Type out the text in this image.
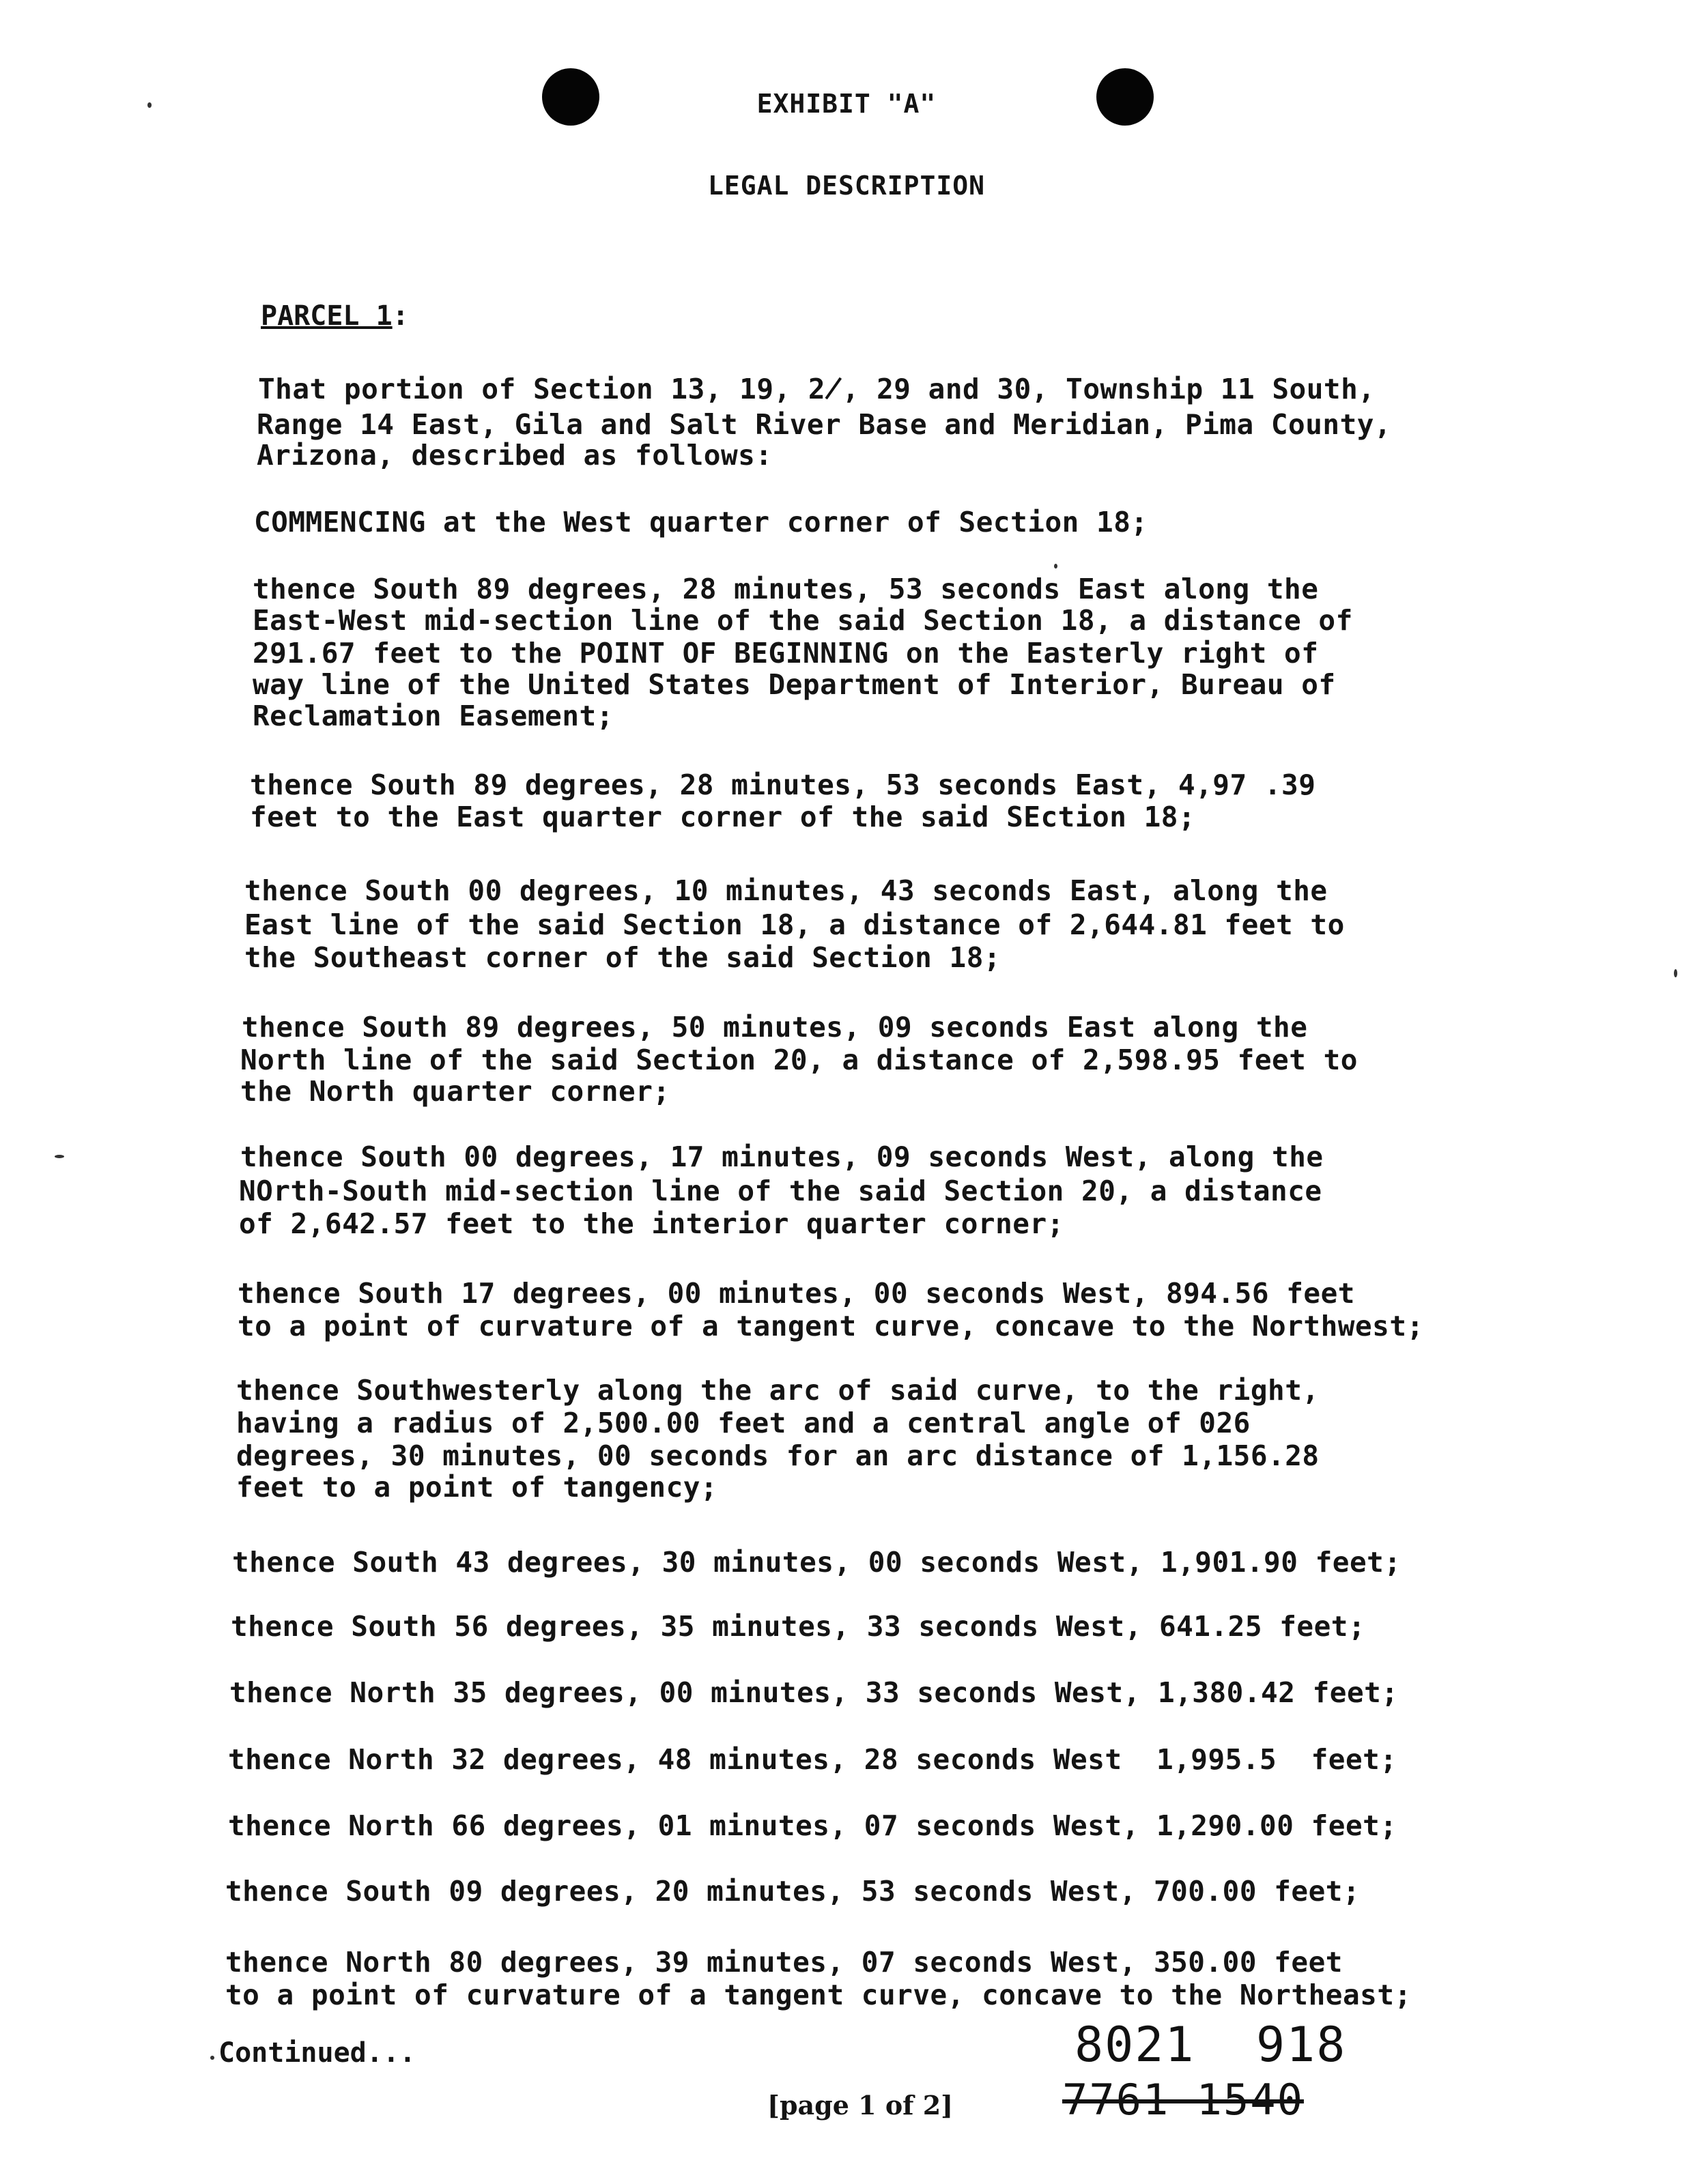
EXHIBIT "A"
LEGAL DESCRIPTION
PARCEL 1:
That portion of Section 13, 19, 2̸, 29 and 30, Township 11 South,
Range 14 East, Gila and Salt River Base and Meridian, Pima County,
Arizona, described as follows:
COMMENCING at the West quarter corner of Section 18;
thence South 89 degrees, 28 minutes, 53 seconds East along the
East-West mid-section line of the said Section 18, a distance of
291.67 feet to the POINT OF BEGINNING on the Easterly right of
way line of the United States Department of Interior, Bureau of
Reclamation Easement;
thence South 89 degrees, 28 minutes, 53 seconds East, 4,97 .39
feet to the East quarter corner of the said SEction 18;
thence South 00 degrees, 10 minutes, 43 seconds East, along the
East line of the said Section 18, a distance of 2,644.81 feet to
the Southeast corner of the said Section 18;
thence South 89 degrees, 50 minutes, 09 seconds East along the
North line of the said Section 20, a distance of 2,598.95 feet to
the North quarter corner;
thence South 00 degrees, 17 minutes, 09 seconds West, along the
NOrth-South mid-section line of the said Section 20, a distance
of 2,642.57 feet to the interior quarter corner;
thence South 17 degrees, 00 minutes, 00 seconds West, 894.56 feet
to a point of curvature of a tangent curve, concave to the Northwest;
thence Southwesterly along the arc of said curve, to the right,
having a radius of 2,500.00 feet and a central angle of 026
degrees, 30 minutes, 00 seconds for an arc distance of 1,156.28
feet to a point of tangency;
thence South 43 degrees, 30 minutes, 00 seconds West, 1,901.90 feet;
thence South 56 degrees, 35 minutes, 33 seconds West, 641.25 feet;
thence North 35 degrees, 00 minutes, 33 seconds West, 1,380.42 feet;
thence North 32 degrees, 48 minutes, 28 seconds West  1,995.5  feet;
thence North 66 degrees, 01 minutes, 07 seconds West, 1,290.00 feet;
thence South 09 degrees, 20 minutes, 53 seconds West, 700.00 feet;
thence North 80 degrees, 39 minutes, 07 seconds West, 350.00 feet
to a point of curvature of a tangent curve, concave to the Northeast;
Continued...	8021 918
[page 1 of 2]	7761 1540
